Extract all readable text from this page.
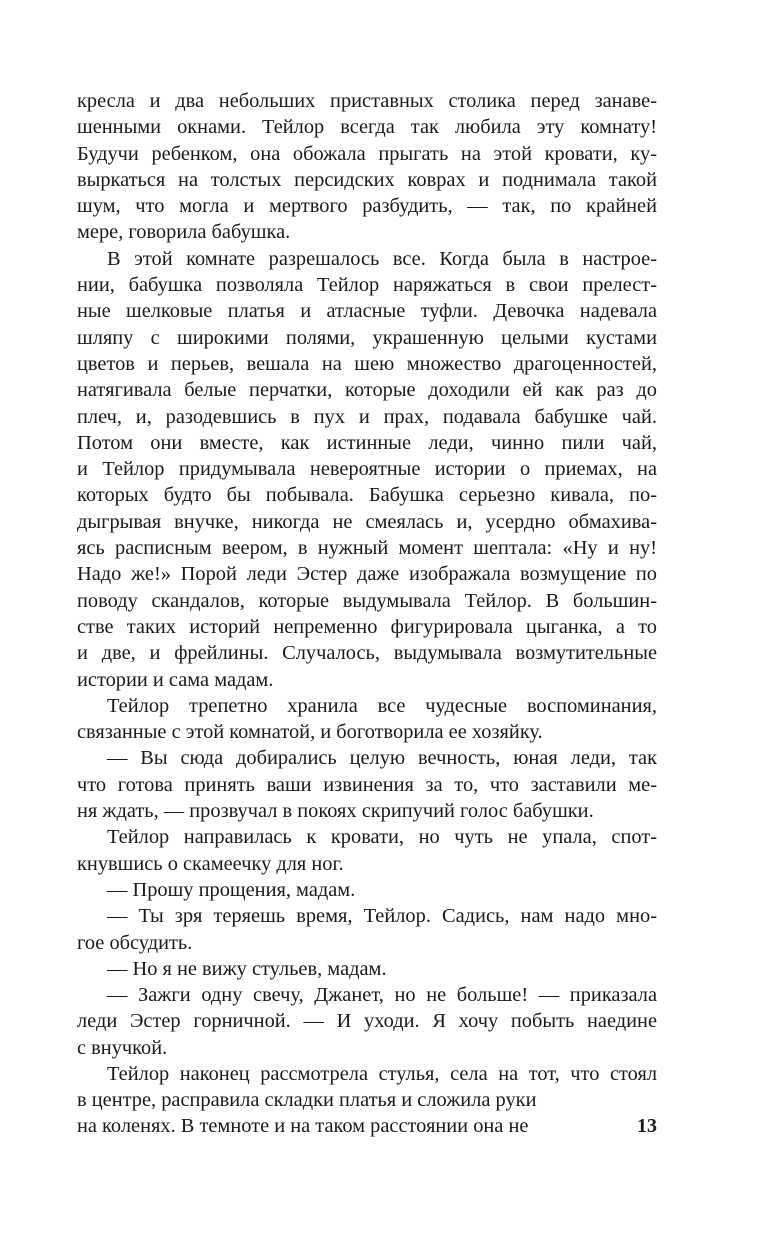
кресла и два небольших приставных столика перед занаве-
шенными окнами. Тейлор всегда так любила эту комнату!
Будучи ребенком, она обожала прыгать на этой кровати, ку-
выркаться на толстых персидских коврах и поднимала такой
шум, что могла и мертвого разбудить, — так, по крайней
мере, говорила бабушка.
В этой комнате разрешалось все. Когда была в настрое-
нии, бабушка позволяла Тейлор наряжаться в свои прелест-
ные шелковые платья и атласные туфли. Девочка надевала
шляпу с широкими полями, украшенную целыми кустами
цветов и перьев, вешала на шею множество драгоценностей,
натягивала белые перчатки, которые доходили ей как раз до
плеч, и, разодевшись в пух и прах, подавала бабушке чай.
Потом они вместе, как истинные леди, чинно пили чай,
и Тейлор придумывала невероятные истории о приемах, на
которых будто бы побывала. Бабушка серьезно кивала, по-
дыгрывая внучке, никогда не смеялась и, усердно обмахива-
ясь расписным веером, в нужный момент шептала: «Ну и ну!
Надо же!» Порой леди Эстер даже изображала возмущение по
поводу скандалов, которые выдумывала Тейлор. В большин-
стве таких историй непременно фигурировала цыганка, а то
и две, и фрейлины. Случалось, выдумывала возмутительные
истории и сама мадам.
Тейлор трепетно хранила все чудесные воспоминания,
связанные с этой комнатой, и боготворила ее хозяйку.
— Вы сюда добирались целую вечность, юная леди, так
что готова принять ваши извинения за то, что заставили ме-
ня ждать, — прозвучал в покоях скрипучий голос бабушки.
Тейлор направилась к кровати, но чуть не упала, спот-
кнувшись о скамеечку для ног.
— Прошу прощения, мадам.
— Ты зря теряешь время, Тейлор. Садись, нам надо мно-
гое обсудить.
— Но я не вижу стульев, мадам.
— Зажги одну свечу, Джанет, но не больше! — приказала
леди Эстер горничной. — И уходи. Я хочу побыть наедине
с внучкой.
Тейлор наконец рассмотрела стулья, села на тот, что стоял
в центре, расправила складки платья и сложила руки
на коленях. В темноте и на таком расстоянии она не	13
